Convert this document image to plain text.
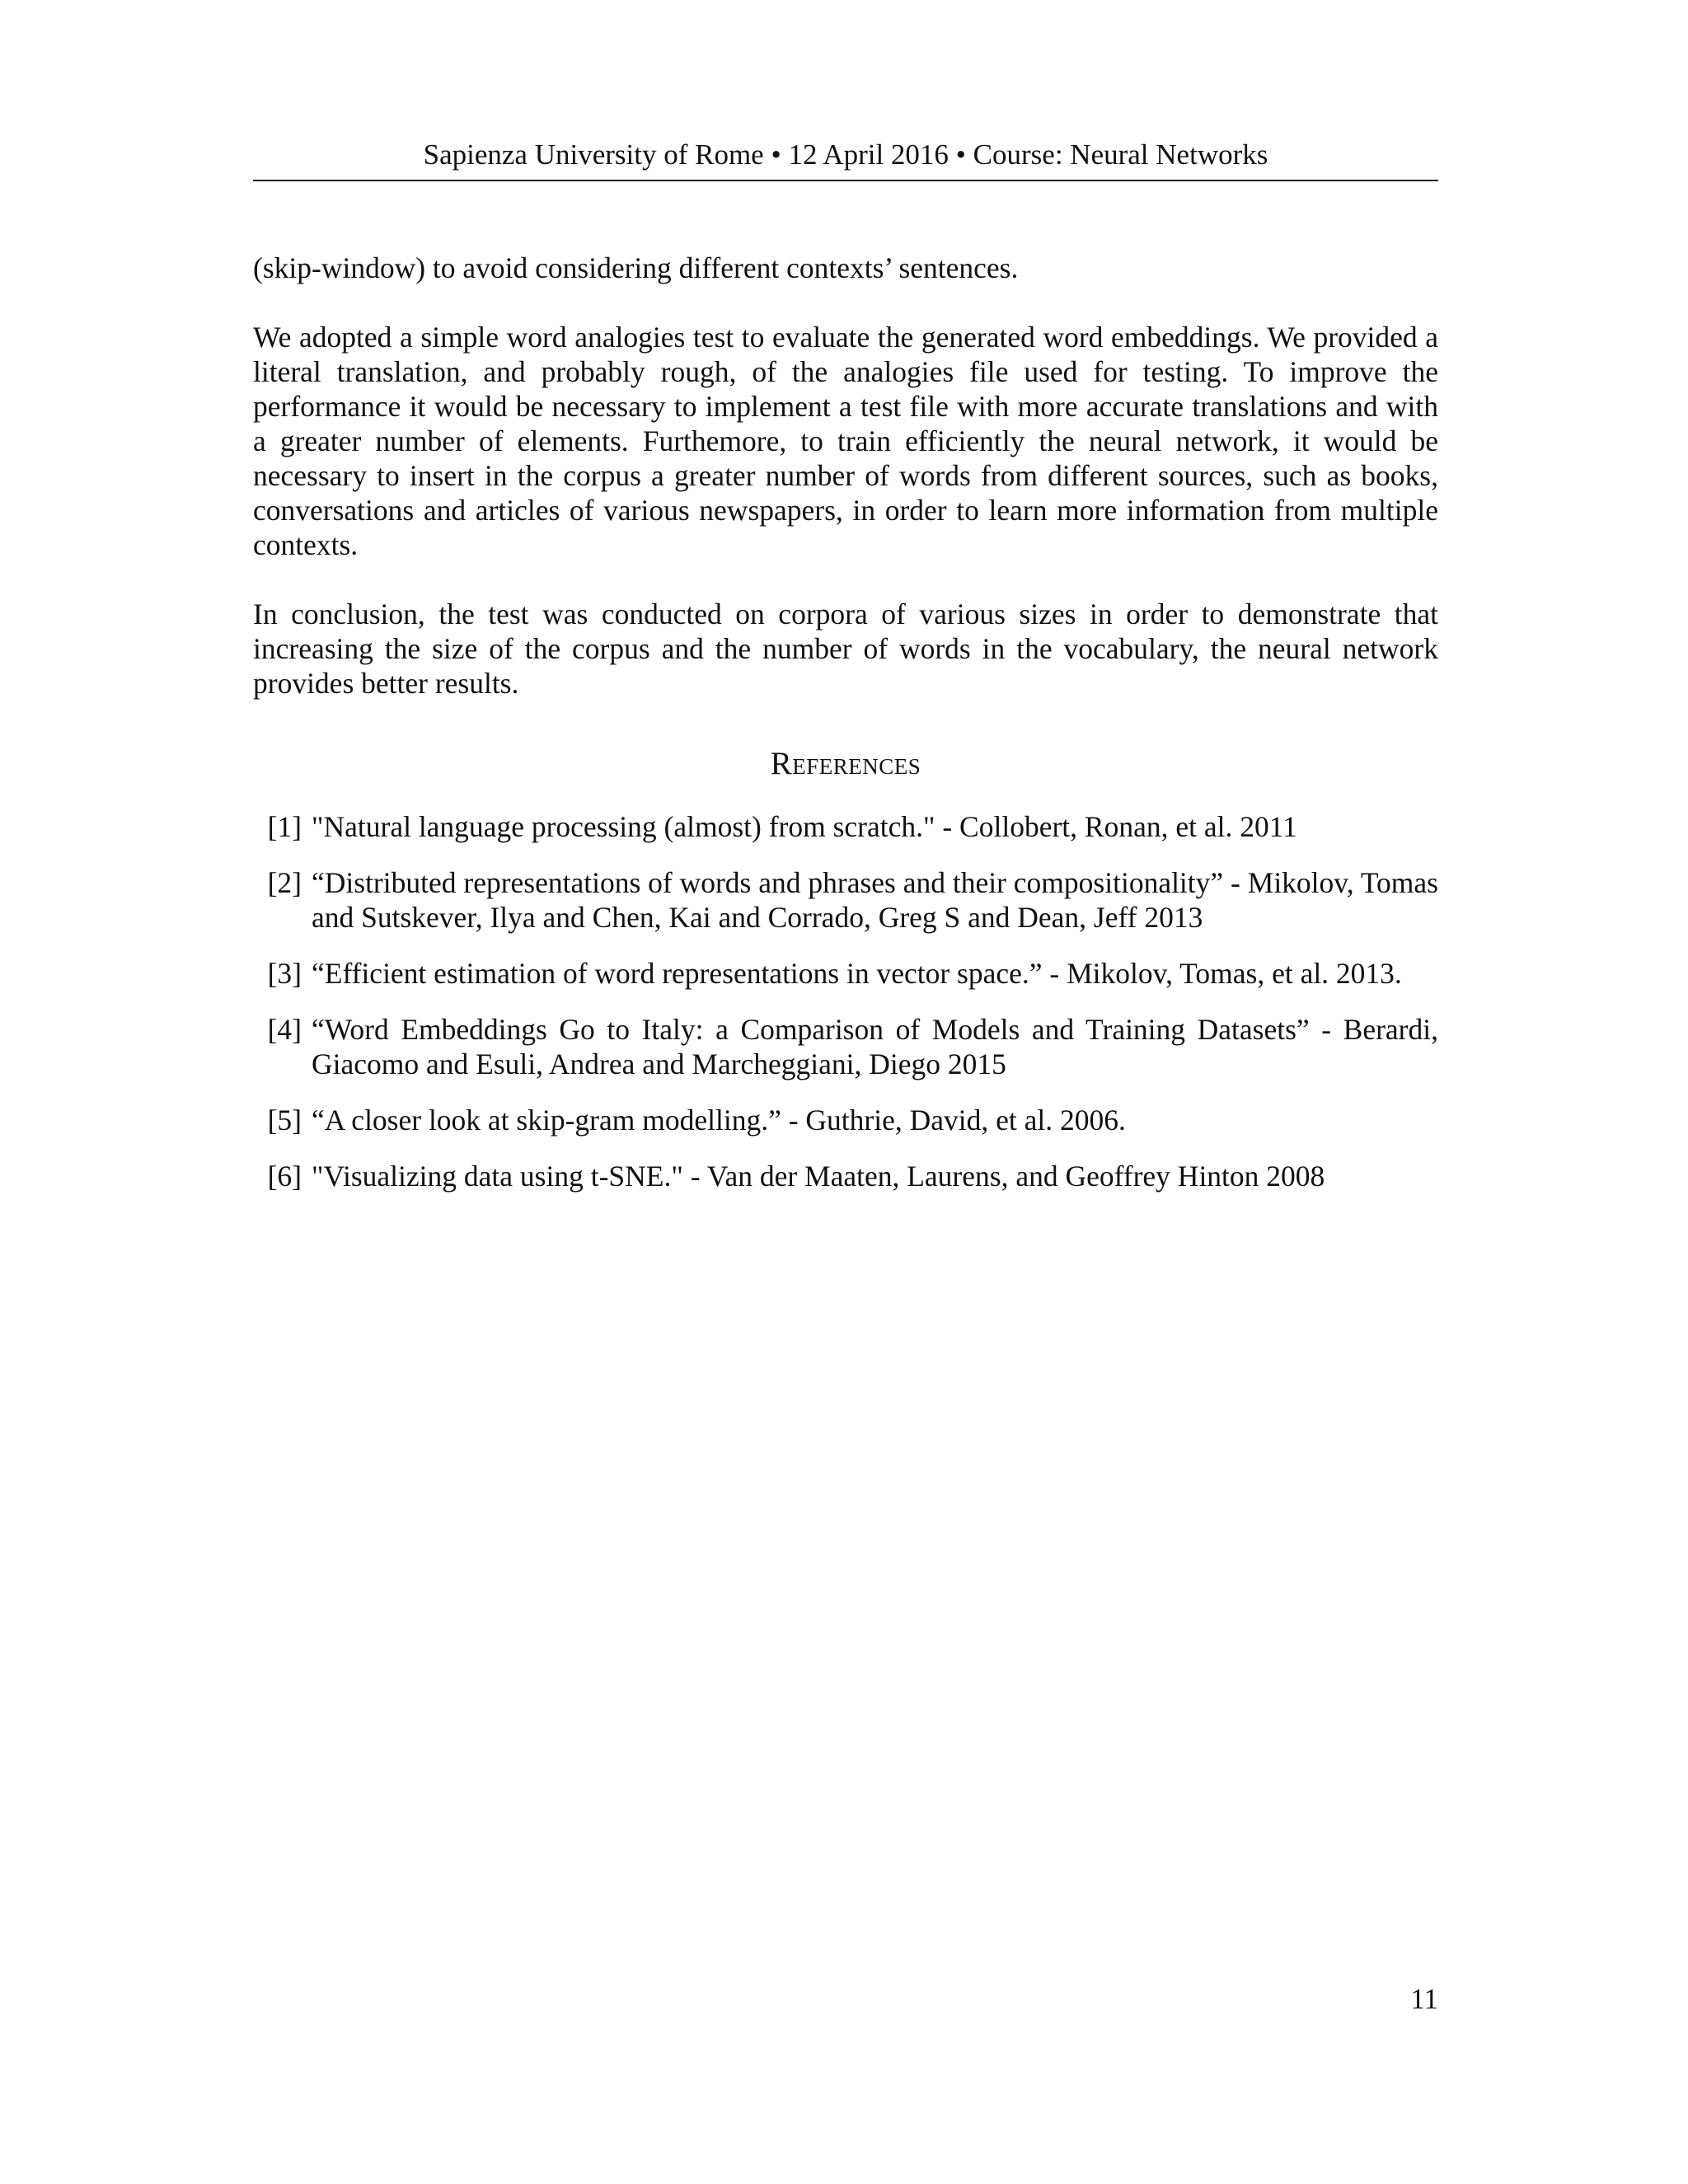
Sapienza University of Rome • 12 April 2016 • Course: Neural Networks

(skip-window) to avoid considering different contexts’ sentences.

We adopted a simple word analogies test to evaluate the generated word embeddings. We provided a literal translation, and probably rough, of the analogies file used for testing. To improve the performance it would be necessary to implement a test file with more accurate translations and with a greater number of elements. Furthemore, to train efficiently the neural network, it would be necessary to insert in the corpus a greater number of words from different sources, such as books, conversations and articles of various newspapers, in order to learn more information from multiple contexts.

In conclusion, the test was conducted on corpora of various sizes in order to demonstrate that increasing the size of the corpus and the number of words in the vocabulary, the neural network provides better results.

References
[1] "Natural language processing (almost) from scratch." - Collobert, Ronan, et al. 2011
[2] “Distributed representations of words and phrases and their compositionality” - Mikolov, Tomas and Sutskever, Ilya and Chen, Kai and Corrado, Greg S and Dean, Jeff 2013
[3] “Efficient estimation of word representations in vector space.” - Mikolov, Tomas, et al. 2013.
[4] “Word Embeddings Go to Italy: a Comparison of Models and Training Datasets” - Berardi, Giacomo and Esuli, Andrea and Marcheggiani, Diego 2015
[5] “A closer look at skip-gram modelling.” - Guthrie, David, et al. 2006.
[6] "Visualizing data using t-SNE." - Van der Maaten, Laurens, and Geoffrey Hinton 2008
11
